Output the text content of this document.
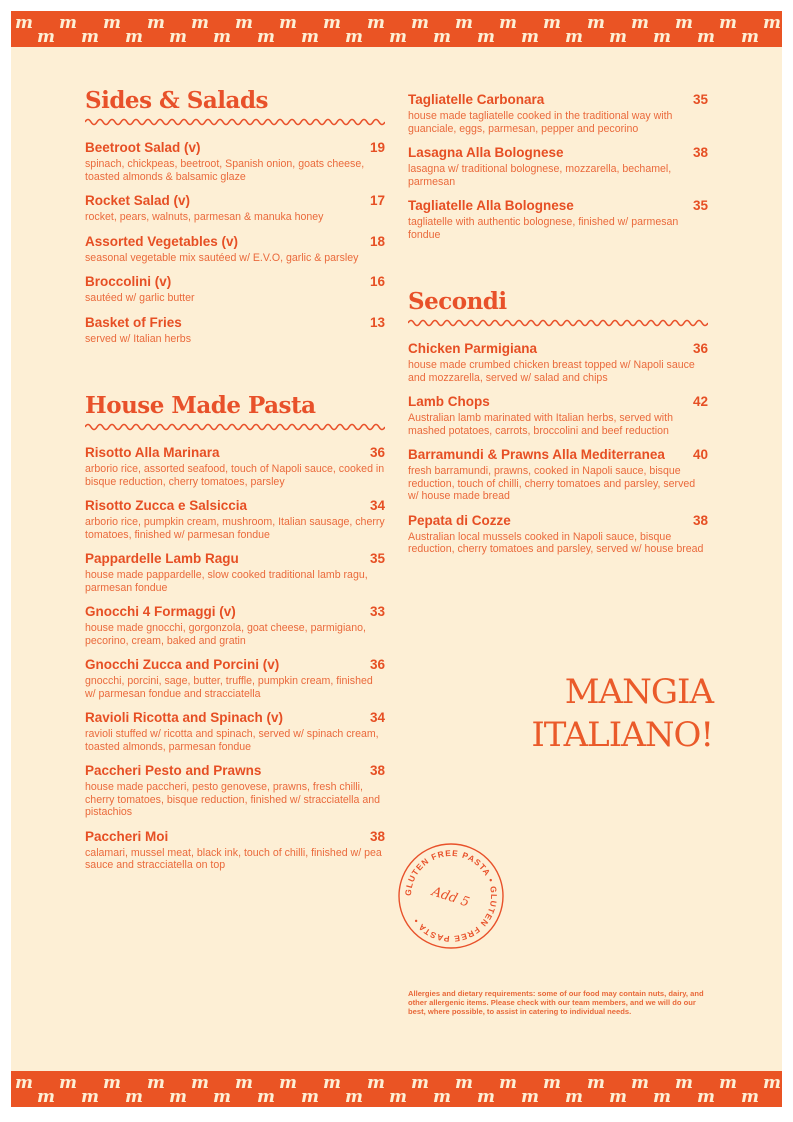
m
m
m
m
m
m
m
m
m
m
m
m
m
m
m
m
m
m
m
m
m
m
m
m
m
m
m
m
m
m
m
m
m
m
m
Sides & Salads
Beetroot Salad (v)	19
spinach, chickpeas, beetroot, Spanish onion, goats cheese, toasted almonds & balsamic glaze
Rocket Salad (v)	17
rocket, pears, walnuts, parmesan & manuka honey
Assorted Vegetables (v)	18
seasonal vegetable mix sautéed w/ E.V.O, garlic & parsley
Broccolini (v)	16
sautéed w/ garlic butter
Basket of Fries	13
served w/ Italian herbs
House Made Pasta
Risotto Alla Marinara	36
arborio rice, assorted seafood, touch of Napoli sauce, cooked in bisque reduction, cherry tomatoes, parsley
Risotto Zucca e Salsiccia	34
arborio rice, pumpkin cream, mushroom, Italian sausage, cherry tomatoes, finished w/ parmesan fondue
Pappardelle Lamb Ragu	35
house made pappardelle, slow cooked traditional lamb ragu, parmesan fondue
Gnocchi 4 Formaggi (v)	33
house made gnocchi, gorgonzola, goat cheese, parmigiano, pecorino, cream, baked and gratin
Gnocchi Zucca and Porcini (v)	36
gnocchi, porcini, sage, butter, truffle, pumpkin cream, finished w/ parmesan fondue and stracciatella
Ravioli Ricotta and Spinach (v)	34
ravioli stuffed w/ ricotta and spinach, served w/ spinach cream, toasted almonds, parmesan fondue
Paccheri Pesto and Prawns	38
house made paccheri, pesto genovese, prawns, fresh chilli, cherry tomatoes, bisque reduction, finished w/ stracciatella and pistachios
Paccheri Moi	38
calamari, mussel meat, black ink, touch of chilli, finished w/ pea sauce and stracciatella on top
Tagliatelle Carbonara	35
house made tagliatelle cooked in the traditional way with guanciale, eggs, parmesan, pepper and pecorino
Lasagna Alla Bolognese	38
lasagna w/ traditional bolognese, mozzarella, bechamel, parmesan
Tagliatelle Alla Bolognese	35
tagliatelle with authentic bolognese, finished w/ parmesan fondue
Secondi
Chicken Parmigiana	36
house made crumbed chicken breast topped w/ Napoli sauce and mozzarella, served w/ salad and chips
Lamb Chops	42
Australian lamb marinated with Italian herbs, served with mashed potatoes, carrots, broccolini and beef reduction
Barramundi & Prawns Alla Mediterranea 40
fresh barramundi, prawns, cooked in Napoli sauce, bisque reduction, touch of chilli, cherry tomatoes and parsley, served w/ house made bread
Pepata di Cozze	38
Australian local mussels cooked in Napoli sauce, bisque reduction, cherry tomatoes and parsley, served w/ house bread
MANGIA
ITALIANO!
GLUTEN FREE PASTA • GLUTEN FREE PASTA •
Add 5
Allergies and dietary requirements: some of our food may contain nuts, dairy, and other allergenic items. Please check with our team members, and we will do our best, where possible, to assist in catering to individual needs.
m
m
m
m
m
m
m
m
m
m
m
m
m
m
m
m
m
m
m
m
m
m
m
m
m
m
m
m
m
m
m
m
m
m
m
